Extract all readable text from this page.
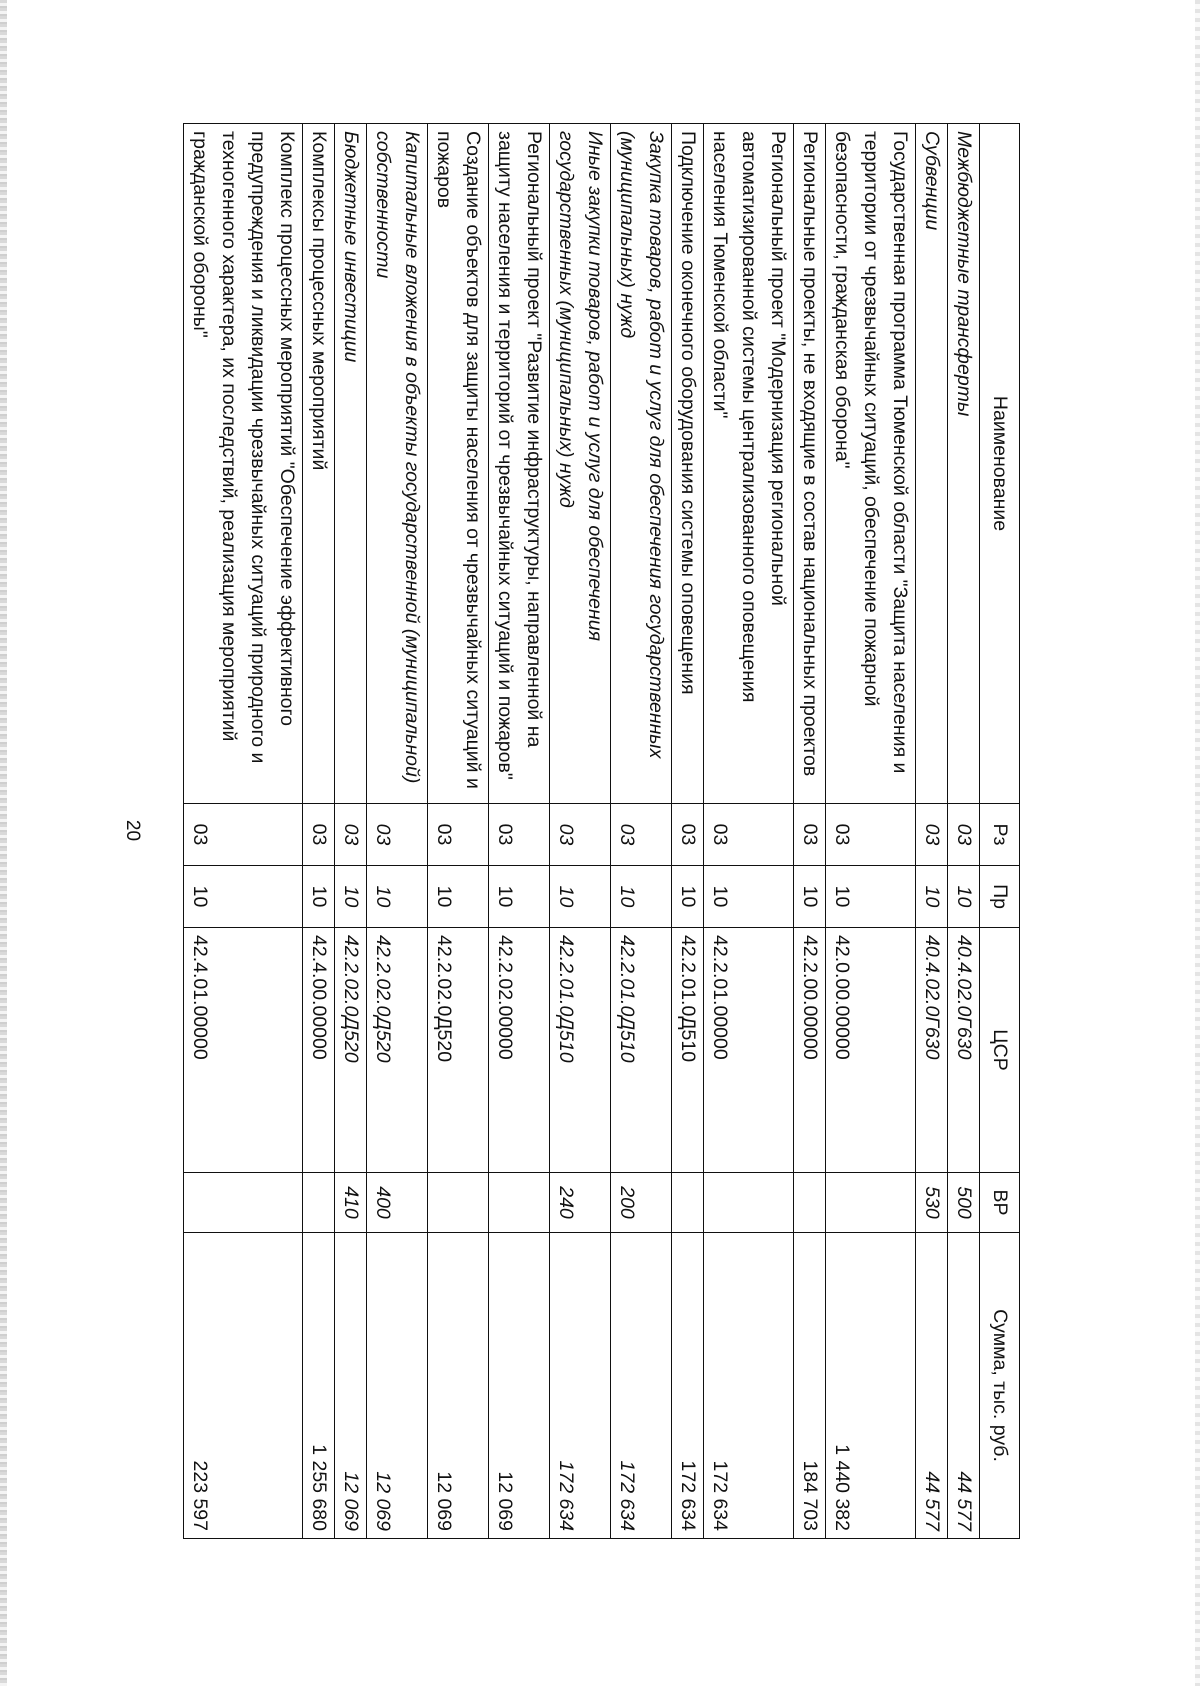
Наименование	Рз	Пр	ЦСР	ВР	Сумма, тыс. руб.
Межбюджетные трансферты	03	10	40.4.02.0Г630	500	44 577
Субвенции	03	10	40.4.02.0Г630	530	44 577
Государственная программа Тюменской области "Защита населения и территории от чрезвычайных ситуаций, обеспечение пожарной безопасности, гражданская оборона"	03	10	42.0.00.00000		1 440 382
Региональные проекты, не входящие в состав национальных проектов	03	10	42.2.00.00000		184 703
Региональный проект "Модернизация региональной автоматизированной системы централизованного оповещения населения Тюменской области"	03	10	42.2.01.00000		172 634
Подключение оконечного оборудования системы оповещения	03	10	42.2.01.0Д510		172 634
Закупка товаров, работ и услуг для обеспечения государственных (муниципальных) нужд	03	10	42.2.01.0Д510	200	172 634
Иные закупки товаров, работ и услуг для обеспечения государственных (муниципальных) нужд	03	10	42.2.01.0Д510	240	172 634
Региональный проект "Развитие инфраструктуры, направленной на защиту населения и территорий от чрезвычайных ситуаций и пожаров"	03	10	42.2.02.00000		12 069
Создание объектов для защиты населения от чрезвычайных ситуаций и пожаров	03	10	42.2.02.0Д520		12 069
Капитальные вложения в объекты государственной (муниципальной) собственности	03	10	42.2.02.0Д520	400	12 069
Бюджетные инвестиции	03	10	42.2.02.0Д520	410	12 069
Комплексы процессных мероприятий	03	10	42.4.00.00000		1 255 680
Комплекс процессных мероприятий "Обеспечение эффективного предупреждения и ликвидации чрезвычайных ситуаций природного и техногенного характера, их последствий, реализация мероприятий гражданской обороны"	03	10	42.4.01.00000		223 597
20
